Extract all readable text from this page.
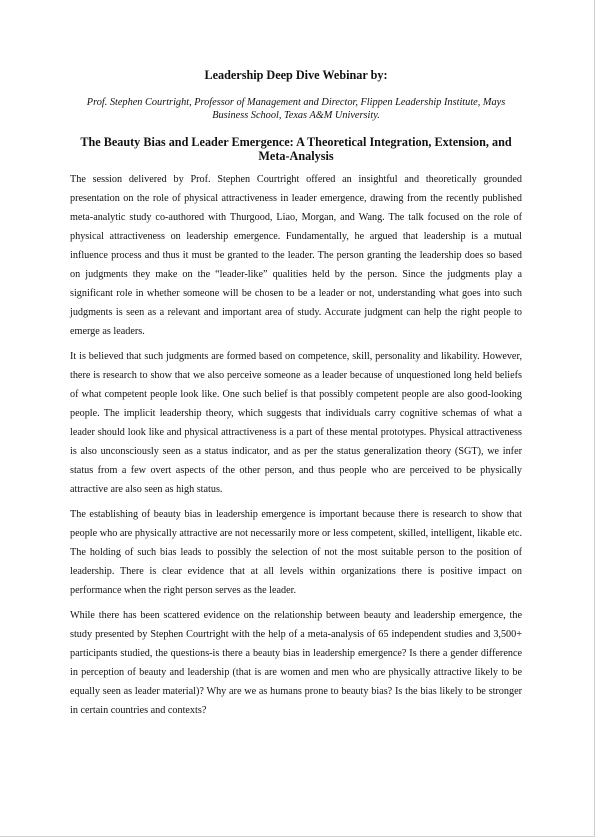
Leadership Deep Dive Webinar by:
Prof. Stephen Courtright, Professor of Management and Director, Flippen Leadership Institute, Mays Business School, Texas A&M University.
The Beauty Bias and Leader Emergence: A Theoretical Integration, Extension, and Meta-Analysis

The session delivered by Prof. Stephen Courtright offered an insightful and theoretically grounded presentation on the role of physical attractiveness in leader emergence, drawing from the recently published meta-analytic study co-authored with Thurgood, Liao, Morgan, and Wang. The talk focused on the role of physical attractiveness on leadership emergence. Fundamentally, he argued that leadership is a mutual influence process and thus it must be granted to the leader. The person granting the leadership does so based on judgments they make on the “leader-like” qualities held by the person. Since the judgments play a significant role in whether someone will be chosen to be a leader or not, understanding what goes into such judgments is seen as a relevant and important area of study. Accurate judgment can help the right people to emerge as leaders.

It is believed that such judgments are formed based on competence, skill, personality and likability. However, there is research to show that we also perceive someone as a leader because of unquestioned long held beliefs of what competent people look like. One such belief is that possibly competent people are also good-looking people. The implicit leadership theory, which suggests that individuals carry cognitive schemas of what a leader should look like and physical attractiveness is a part of these mental prototypes. Physical attractiveness is also unconsciously seen as a status indicator, and as per the status generalization theory (SGT), we infer status from a few overt aspects of the other person, and thus people who are perceived to be physically attractive are also seen as high status.

The establishing of beauty bias in leadership emergence is important because there is research to show that people who are physically attractive are not necessarily more or less competent, skilled, intelligent, likable etc. The holding of such bias leads to possibly the selection of not the most suitable person to the position of leadership. There is clear evidence that at all levels within organizations there is positive impact on performance when the right person serves as the leader.

While there has been scattered evidence on the relationship between beauty and leadership emergence, the study presented by Stephen Courtright with the help of a meta-analysis of 65 independent studies and 3,500+ participants studied, the questions-is there a beauty bias in leadership emergence? Is there a gender difference in perception of beauty and leadership (that is are women and men who are physically attractive likely to be equally seen as leader material)? Why are we as humans prone to beauty bias? Is the bias likely to be stronger in certain countries and contexts?
